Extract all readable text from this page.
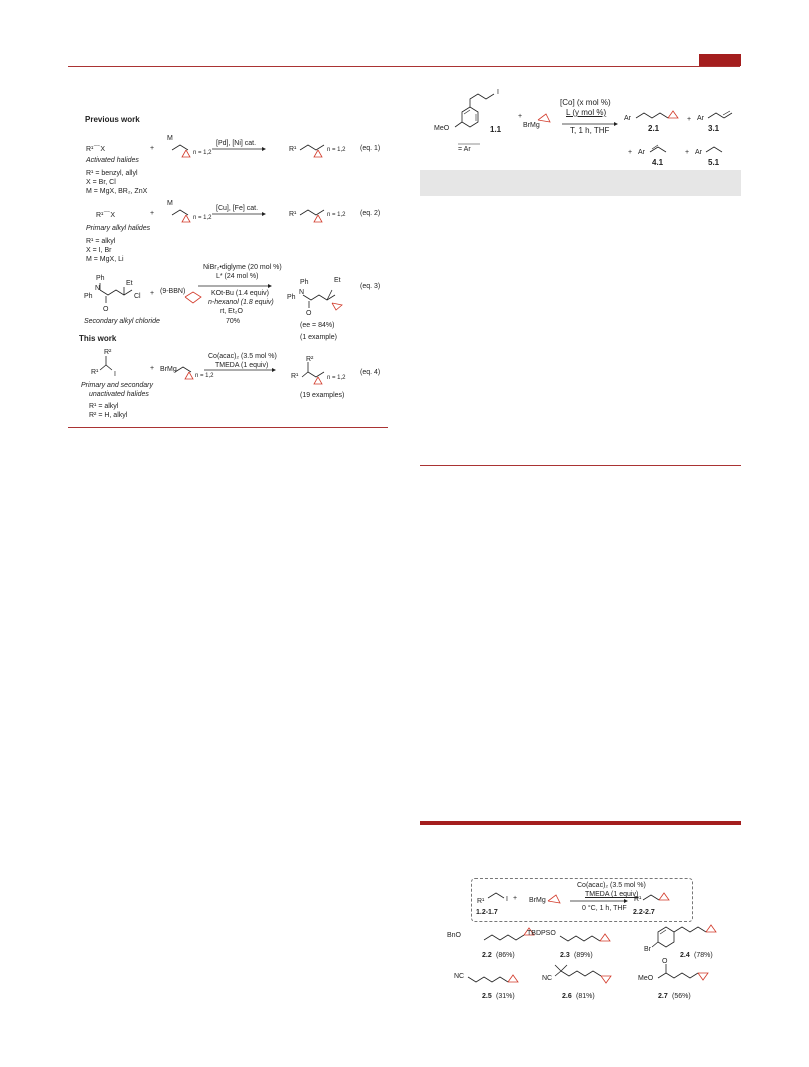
Previous work
M
n = 1,2
+
R¹⌒X
Activated halides
R¹ = benzyl, allyl
X = Br, Cl
M = MgX, BR₂, ZnX
[Pd], [Ni] cat.
R¹	n = 1,2 (eq. 1)
M
n = 1,2
+
R¹⌒X
Primary alkyl halides
R¹ = alkyl
X = I, Br
M = MgX, Li
[Cu], [Fe] cat.
R¹	n = 1,2 (eq. 2)
Ph
N
Ph
Et
Cl
O
Secondary alkyl chloride
+ (9-BBN)
NiBr₂•diglyme (20 mol %)
L* (24 mol %)
KOt-Bu (1.4 equiv)
n-hexanol (1.8 equiv)
rt, Et₂O
70%
Ph
N
Ph
Et
O
(ee = 84%)
(1 example)
(eq. 3)
This work
R²
R¹ I
Primary and secondary
unactivated halides
R¹ = alkyl
R² = H, alkyl
+ BrMg
n = 1,2
Co(acac)₂ (3.5 mol %)
TMEDA (1 equiv)
R²
R¹	n = 1,2
(19 examples)
(eq. 4)
MeO
I
= Ar
1.1
+
BrMg
[Co] (x mol %)
L (y mol %)
T, 1 h, THF
Ar
2.1
+ Ar
3.1
+ Ar
4.1
+ Ar
5.1
R¹	I
1.2-1.7
+ BrMg
Co(acac)₂ (3.5 mol %)
TMEDA (1 equiv)
0 °C, 1 h, THF
R¹
2.2-2.7
BnO
2.2 (86%)
TBDPSO
2.3 (89%)
Br
2.4 (78%)
NC
2.5 (31%)
NC
2.6 (81%)
O
MeO
2.7 (56%)
